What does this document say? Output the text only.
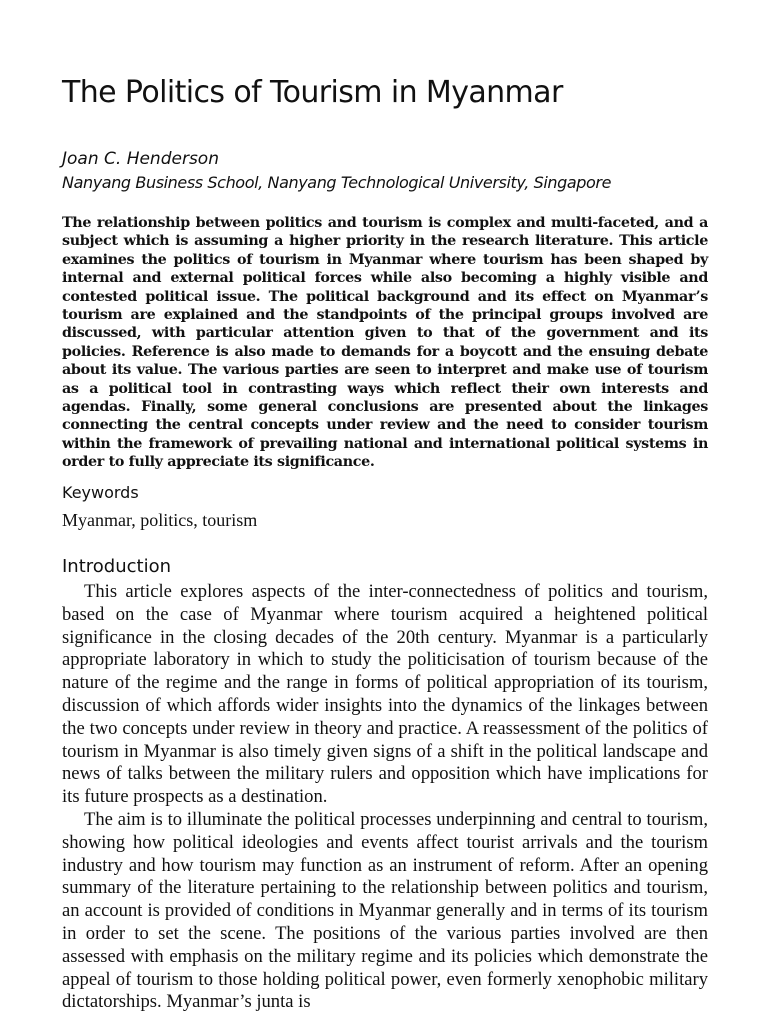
The Politics of Tourism in Myanmar
Joan C. Henderson
Nanyang Business School, Nanyang Technological University, Singapore

The relationship between politics and tourism is complex and multi-faceted, and a subject which is assuming a higher priority in the research literature. This article examines the politics of tourism in Myanmar where tourism has been shaped by internal and external political forces while also becoming a highly visible and contested political issue. The political background and its effect on Myanmar’s tourism are explained and the standpoints of the principal groups involved are discussed, with particular attention given to that of the government and its policies. Reference is also made to demands for a boycott and the ensuing debate about its value. The various parties are seen to interpret and make use of tourism as a political tool in contrasting ways which reflect their own interests and agendas. Finally, some general conclusions are presented about the linkages connecting the central concepts under review and the need to consider tourism within the framework of prevailing national and international political systems in order to fully appreciate its significance.

Keywords
Myanmar, politics, tourism
Introduction

This article explores aspects of the inter-connectedness of politics and tourism, based on the case of Myanmar where tourism acquired a heightened political significance in the closing decades of the 20th century. Myanmar is a particularly appropriate laboratory in which to study the politicisation of tourism because of the nature of the regime and the range in forms of political appropriation of its tourism, discussion of which affords wider insights into the dynamics of the linkages between the two concepts under review in theory and practice. A reassessment of the politics of tourism in Myanmar is also timely given signs of a shift in the political landscape and news of talks between the military rulers and opposition which have implications for its future prospects as a destination.

The aim is to illuminate the political processes underpinning and central to tourism, showing how political ideologies and events affect tourist arrivals and the tourism industry and how tourism may function as an instrument of reform. After an opening summary of the literature pertaining to the relationship between politics and tourism, an account is provided of conditions in Myanmar generally and in terms of its tourism in order to set the scene. The positions of the various parties involved are then assessed with emphasis on the military regime and its policies which demonstrate the appeal of tourism to those holding political power, even formerly xenophobic military dictatorships. Myanmar’s junta is
